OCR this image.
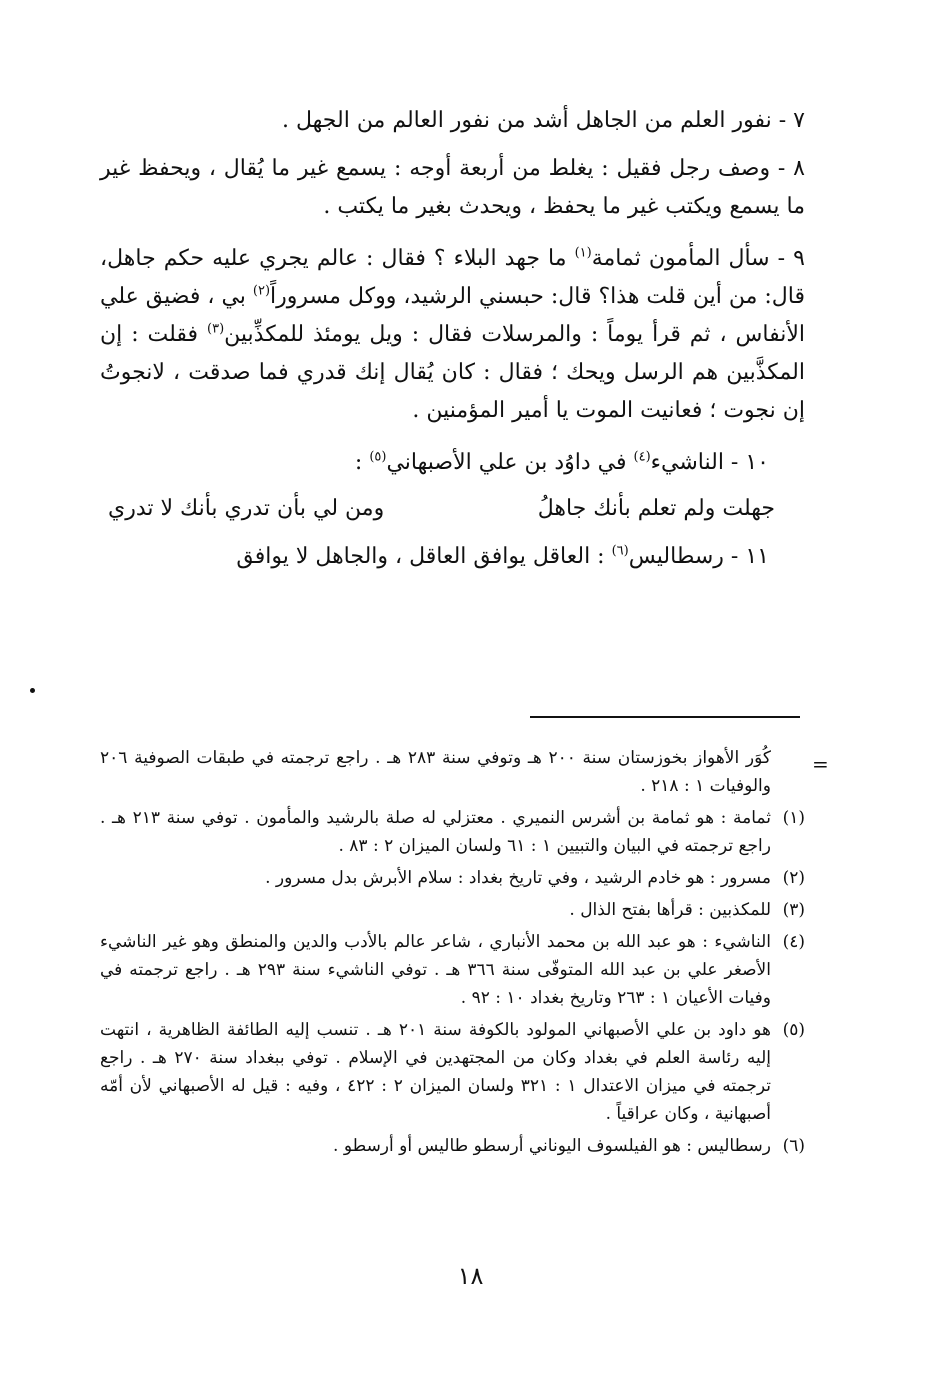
٧ - نفور العلم من الجاهل أشد من نفور العالم من الجهل .

٨ - وصف رجل فقيل : يغلط من أربعة أوجه : يسمع غير ما يُقال ، ويحفظ غير ما يسمع ويكتب غير ما يحفظ ، ويحدث بغير ما يكتب .

٩ - سأل المأمون ثمامة$^{(١)}$ ما جهد البلاء ؟ فقال : عالم يجري عليه حكم جاهل، قال: من أين قلت هذا؟ قال: حبسني الرشيد، ووكل مسروراً$^{(٢)}$ بي ، فضيق علي الأنفاس ، ثم قرأ يوماً : والمرسلات فقال : ويل يومئذ للمكذِّبين$^{(٣)}$ فقلت : إن المكذَّبين هم الرسل ويحك ؛ فقال : كان يُقال إنك قدري فما صدقت ، لانجوتُ إن نجوت ؛ فعانيت الموت يا أمير المؤمنين .

١٠ - الناشيء$^{(٤)}$ في داوُد بن علي الأصبهاني$^{(٥)}$ :

جهلت ولم تعلم بأنك جاهلُ
ومن لي بأن تدري بأنك لا تدري

١١ - رسطاليس$^{(٦)}$ : العاقل يوافق العاقل ، والجاهل لا يوافق

=

كُوَر الأهواز بخوزستان سنة ٢٠٠ هـ وتوفي سنة ٢٨٣ هـ . راجع ترجمته في طبقات الصوفية ٢٠٦ والوفيات ١ : ٢١٨ .

(١)ثمامة : هو ثمامة بن أشرس النميري . معتزلي له صلة بالرشيد والمأمون . توفي سنة ٢١٣ هـ . راجع ترجمته في البيان والتبيين ١ : ٦١ ولسان الميزان ٢ : ٨٣ .

(٢)مسرور : هو خادم الرشيد ، وفي تاريخ بغداد : سلام الأبرش بدل مسرور .

(٣)للمكذبين : قرأها بفتح الذال .

(٤)الناشيء : هو عبد الله بن محمد الأنباري ، شاعر عالم بالأدب والدين والمنطق وهو غير الناشيء الأصغر علي بن عبد الله المتوفّى سنة ٣٦٦ هـ . توفي الناشيء سنة ٢٩٣ هـ . راجع ترجمته في وفيات الأعيان ١ : ٢٦٣ وتاريخ بغداد ١٠ : ٩٢ .

(٥)هو داود بن علي الأصبهاني المولود بالكوفة سنة ٢٠١ هـ . تنسب إليه الطائفة الظاهرية ، انتهت إليه رئاسة العلم في بغداد وكان من المجتهدين في الإسلام . توفي ببغداد سنة ٢٧٠ هـ . راجع ترجمته في ميزان الاعتدال ١ : ٣٢١ ولسان الميزان ٢ : ٤٢٢ ، وفيه : قيل له الأصبهاني لأن أمّه أصبهانية ، وكان عراقياً .

(٦)رسطاليس : هو الفيلسوف اليوناني أرسطو طاليس أو أرسطو .

١٨
